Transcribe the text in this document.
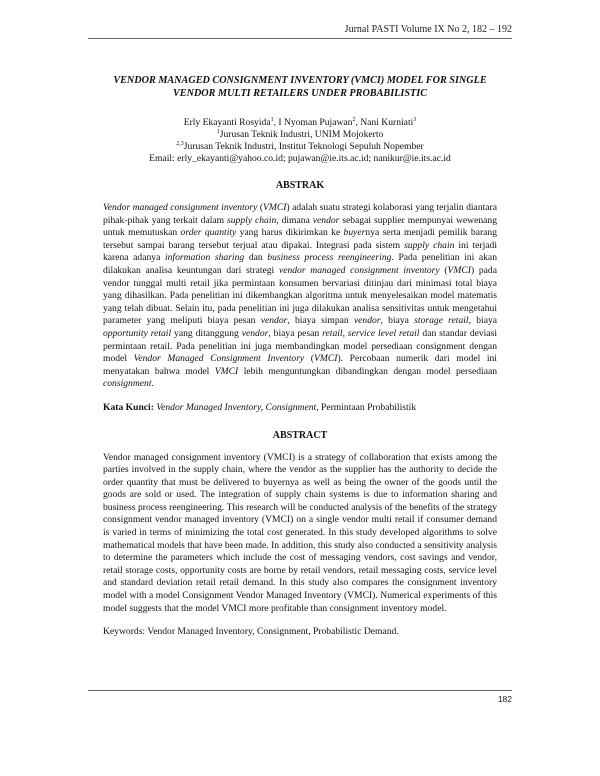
Jurnal PASTI Volume IX No 2, 182 – 192
VENDOR MANAGED CONSIGNMENT INVENTORY (VMCI) MODEL FOR SINGLE
VENDOR MULTI RETAILERS UNDER PROBABILISTIC
Erly Ekayanti Rosyida$^1$, I Nyoman Pujawan$^2$, Nani Kurniati$^3$
$^1$Jurusan Teknik Industri, UNIM Mojokerto
$^{2,3}$Jurusan Teknik Industri, Institut Teknologi Sepuluh Nopember
Email: erly_ekayanti@yahoo.co.id; pujawan@ie.its.ac.id; nanikur@ie.its.ac.id
ABSTRAK

Vendor managed consignment inventory (VMCI) adalah suatu strategi kolaborasi yang terjalin diantara pihak-pihak yang terkait dalam supply chain, dimana vendor sebagai supplier mempunyai wewenang untuk memutuskan order quantity yang harus dikirimkan ke buyernya serta menjadi pemilik barang tersebut sampai barang tersebut terjual atau dipakai. Integrasi pada sistem supply chain ini terjadi karena adanya information sharing dan business process reengineering. Pada penelitian ini akan dilakukan analisa keuntungan dari strategi vendor managed consignment inventory (VMCI) pada vendor tunggal multi retail jika permintaan konsumen bervariasi ditinjau dari minimasi total biaya yang dihasilkan. Pada penelitian ini dikembangkan algoritma untuk menyelesaikan model matematis yang telah dibuat. Selain itu, pada penelitian ini juga dilakukan analisa sensitivitas untuk mengetahui parameter yang meliputi biaya pesan vendor, biaya simpan vendor, biaya storage retail, biaya opportunity retail yang ditanggung vendor, biaya pesan retail, service level retail dan standar deviasi permintaan retail. Pada penelitian ini juga membandingkan model persediaan consignment dengan model Vendor Managed Consignment Inventory (VMCI). Percobaan numerik dari model ini menyatakan bahwa model VMCI lebih menguntungkan dibandingkan dengan model persediaan consignment.

Kata Kunci: Vendor Managed Inventory, Consignment, Permintaan Probabilistik
ABSTRACT

Vendor managed consignment inventory (VMCI) is a strategy of collaboration that exists among the parties involved in the supply chain, where the vendor as the supplier has the authority to decide the order quantity that must be delivered to buyernya as well as being the owner of the goods until the goods are sold or used. The integration of supply chain systems is due to information sharing and business process reengineering. This research will be conducted analysis of the benefits of the strategy consignment vendor managed inventory (VMCI) on a single vendor multi retail if consumer demand is varied in terms of minimizing the total cost generated. In this study developed algorithms to solve mathematical models that have been made. In addition, this study also conducted a sensitivity analysis to determine the parameters which include the cost of messaging vendors, cost savings and vendor, retail storage costs, opportunity costs are borne by retail vendors, retail messaging costs, service level and standard deviation retail retail demand. In this study also compares the consignment inventory model with a model Consignment Vendor Managed Inventory (VMCI). Numerical experiments of this model suggests that the model VMCI more profitable than consignment inventory model.

Keywords: Vendor Managed Inventory, Consignment, Probabilistic Demand.
182
